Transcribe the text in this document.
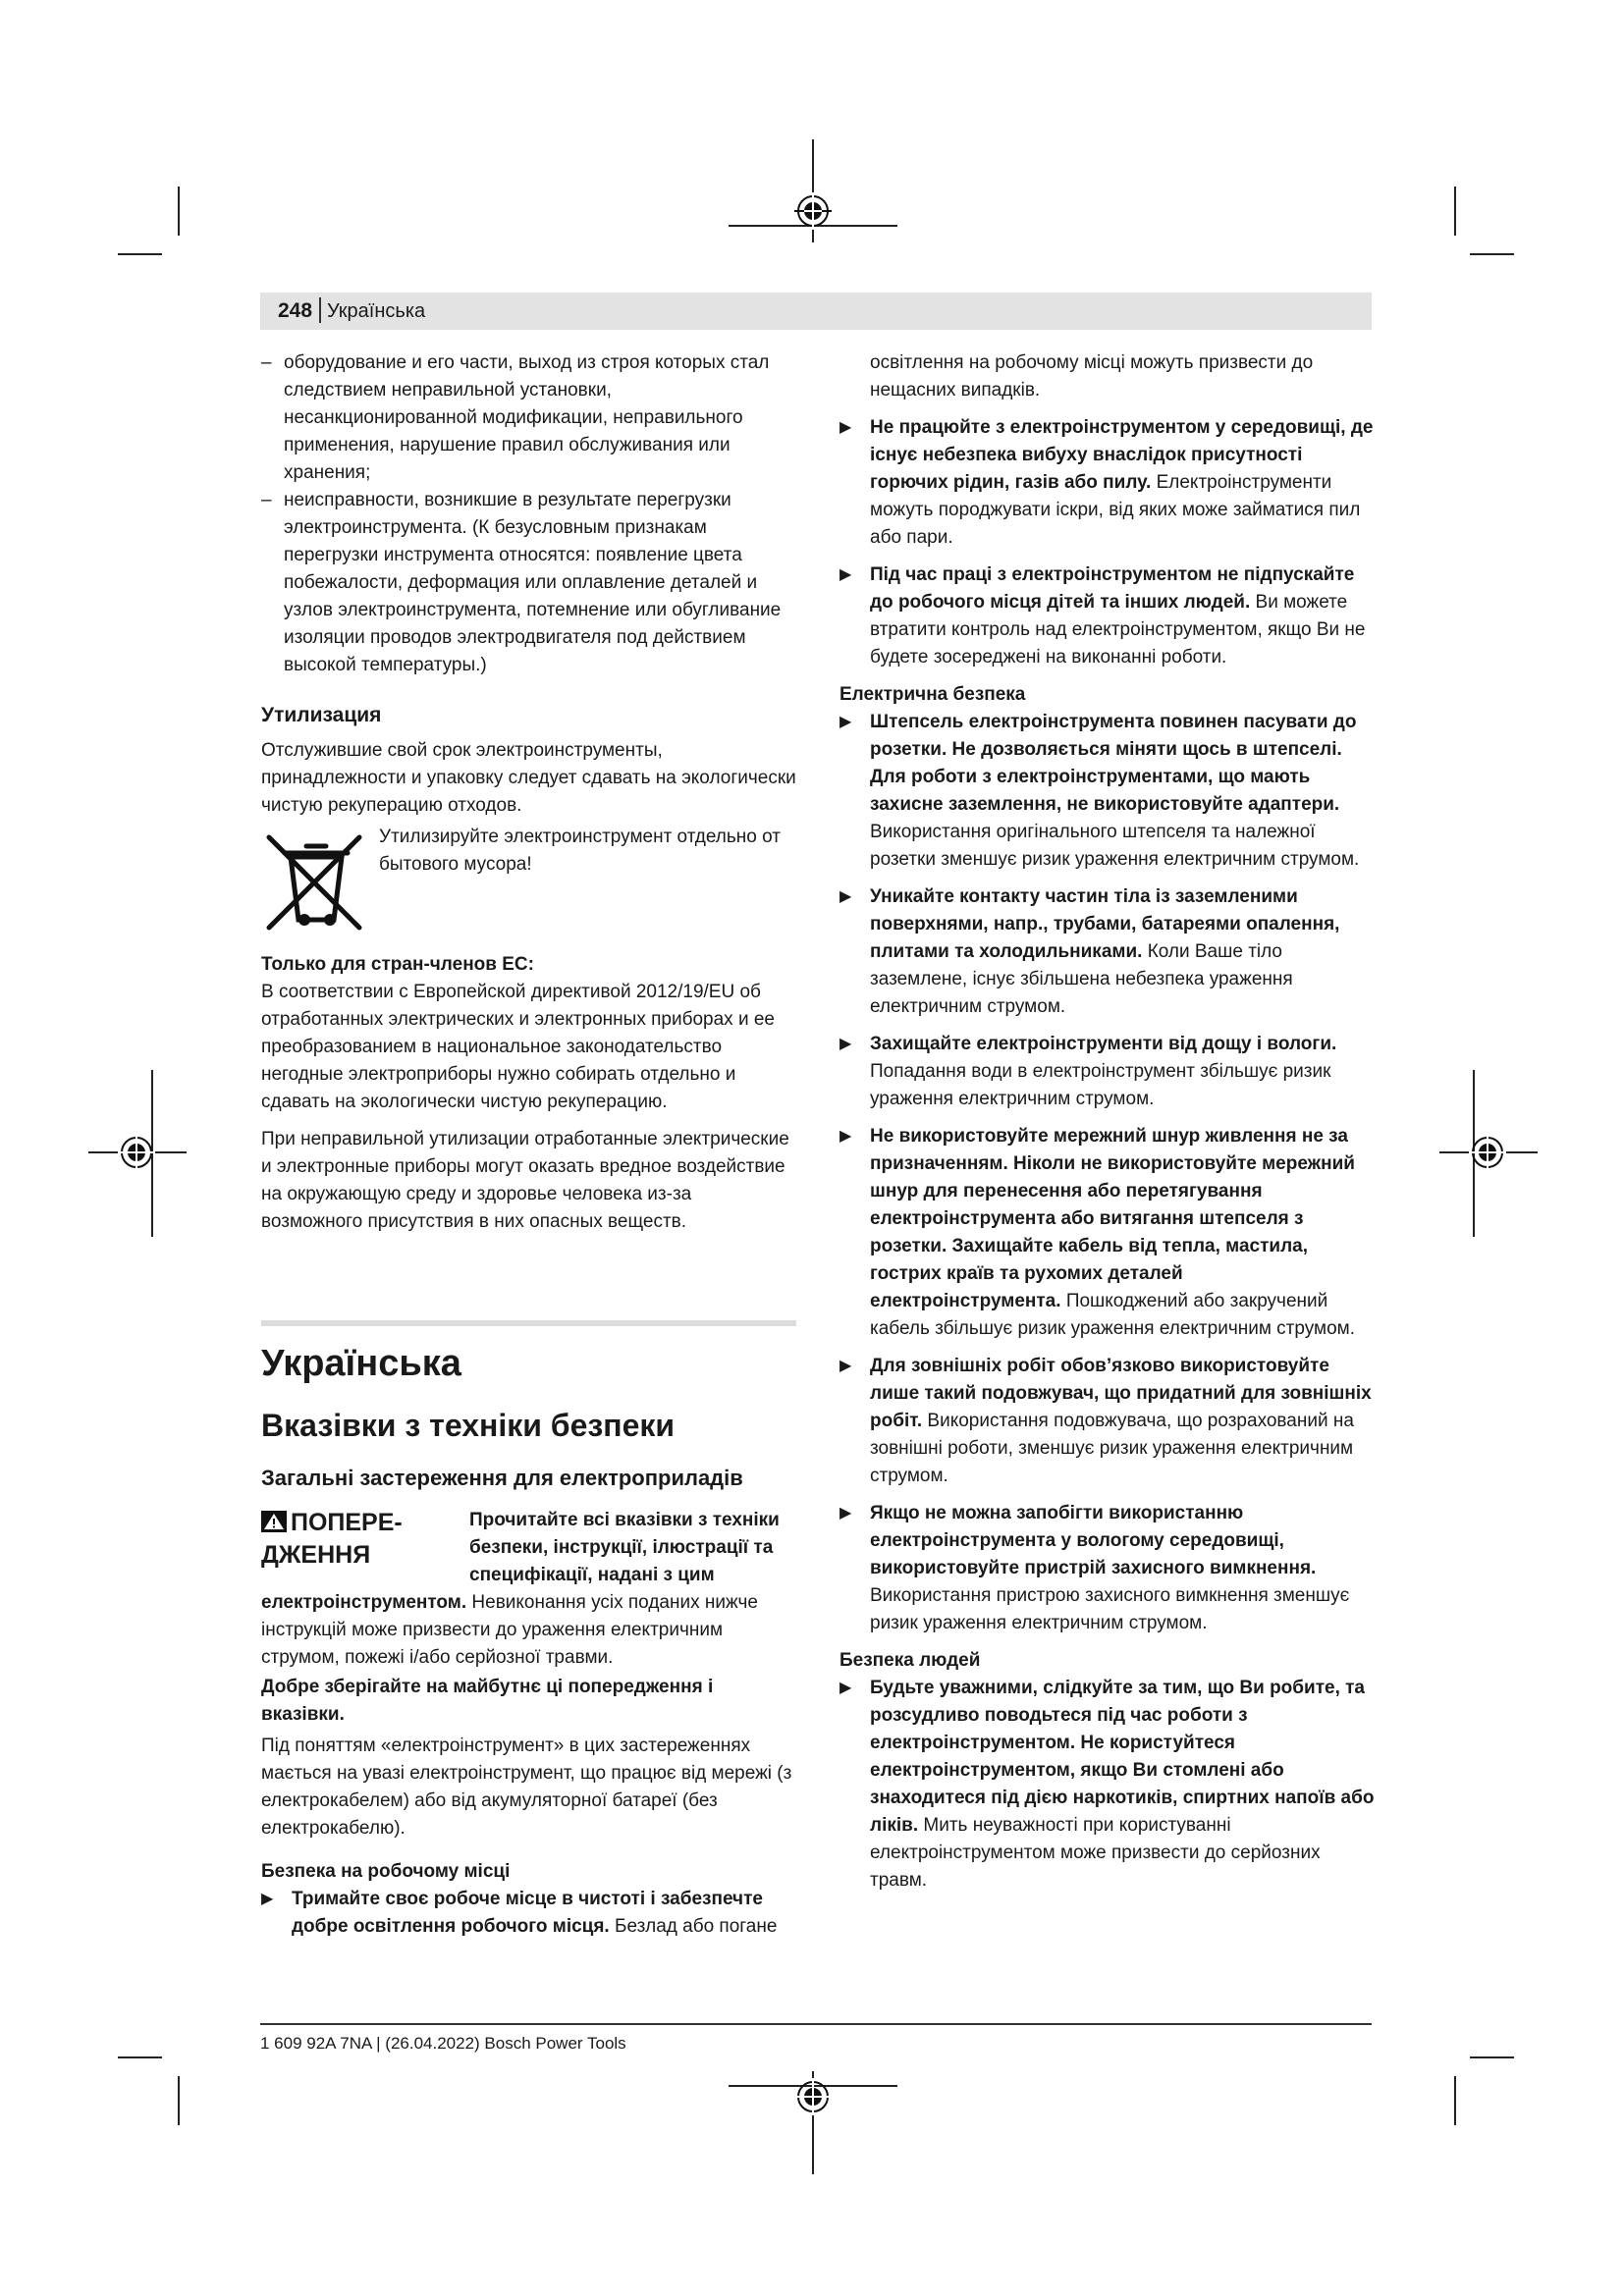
248 Українська

– оборудование и его части, выход из строя которых стал следствием неправильной установки, несанкционированной модификации, неправильного применения, нарушение правил обслуживания или хранения;

– неисправности, возникшие в результате перегрузки электроинструмента. (К безусловным признакам перегрузки инструмента относятся: появление цвета побежалости, деформация или оплавление деталей и узлов электроинструмента, потемнение или обугливание изоляции проводов электродвигателя под действием высокой температуры.)

Утилизация

Отслужившие свой срок электроинструменты, принадлежности и упаковку следует сдавать на экологически чистую рекуперацию отходов.

Утилизируйте электроинструмент отдельно от бытового мусора!
Только для стран-членов ЕС:

В соответствии с Европейской директивой 2012/19/EU об отработанных электрических и электронных приборах и ее преобразованием в национальное законодательство негодные электроприборы нужно собирать отдельно и сдавать на экологически чистую рекуперацию.

При неправильной утилизации отработанные электрические и электронные приборы могут оказать вредное воздействие на окружающую среду и здоровье человека из-за возможного присутствия в них опасных веществ.

Українська
Вказівки з техніки безпеки
Загальні застереження для електроприладів
ПОПЕРЕ-ДЖЕННЯ
Прочитайте всі вказівки з техніки безпеки, інструкції, ілюстрації та специфікації, надані з цим

електроінструментом. Невиконання усіх поданих нижче інструкцій може призвести до ураження електричним струмом, пожежі і/або серйозної травми.

Добре зберігайте на майбутнє ці попередження і вказівки.

Під поняттям «електроінструмент» в цих застереженнях мається на увазі електроінструмент, що працює від мережі (з електрокабелем) або від акумуляторної батареї (без електрокабелю).

Безпека на робочому місці
▶ Тримайте своє робоче місце в чистоті і забезпечте добре освітлення робочого місця. Безлад або погане

освітлення на робочому місці можуть призвести до нещасних випадків.

▶ Не працюйте з електроінструментом у середовищі, де існує небезпека вибуху внаслідок присутності горючих рідин, газів або пилу. Електроінструменти можуть породжувати іскри, від яких може займатися пил або пари.
▶ Під час праці з електроінструментом не підпускайте до робочого місця дітей та інших людей. Ви можете втратити контроль над електроінструментом, якщо Ви не будете зосереджені на виконанні роботи.
Електрична безпека
▶ Штепсель електроінструмента повинен пасувати до розетки. Не дозволяється міняти щось в штепселі. Для роботи з електроінструментами, що мають захисне заземлення, не використовуйте адаптери. Використання оригінального штепселя та належної розетки зменшує ризик ураження електричним струмом.
▶ Уникайте контакту частин тіла із заземленими поверхнями, напр., трубами, батареями опалення, плитами та холодильниками. Коли Ваше тіло заземлене, існує збільшена небезпека ураження електричним струмом.
▶ Захищайте електроінструменти від дощу і вологи. Попадання води в електроінструмент збільшує ризик ураження електричним струмом.
▶ Не використовуйте мережний шнур живлення не за призначенням. Ніколи не використовуйте мережний шнур для перенесення або перетягування електроінструмента або витягання штепселя з розетки. Захищайте кабель від тепла, мастила, гострих країв та рухомих деталей електроінструмента. Пошкоджений або закручений кабель збільшує ризик ураження електричним струмом.
▶ Для зовнішніх робіт обов’язково використовуйте лише такий подовжувач, що придатний для зовнішніх робіт. Використання подовжувача, що розрахований на зовнішні роботи, зменшує ризик ураження електричним струмом.
▶ Якщо не можна запобігти використанню електроінструмента у вологому середовищі, використовуйте пристрій захисного вимкнення. Використання пристрою захисного вимкнення зменшує ризик ураження електричним струмом.
Безпека людей
▶ Будьте уважними, слідкуйте за тим, що Ви робите, та розсудливо поводьтеся під час роботи з електроінструментом. Не користуйтеся електроінструментом, якщо Ви стомлені або знаходитеся під дією наркотиків, спиртних напоїв або ліків. Мить неуважності при користуванні електроінструментом може призвести до серйозних травм.
1 609 92A 7NA | (26.04.2022) Bosch Power Tools
